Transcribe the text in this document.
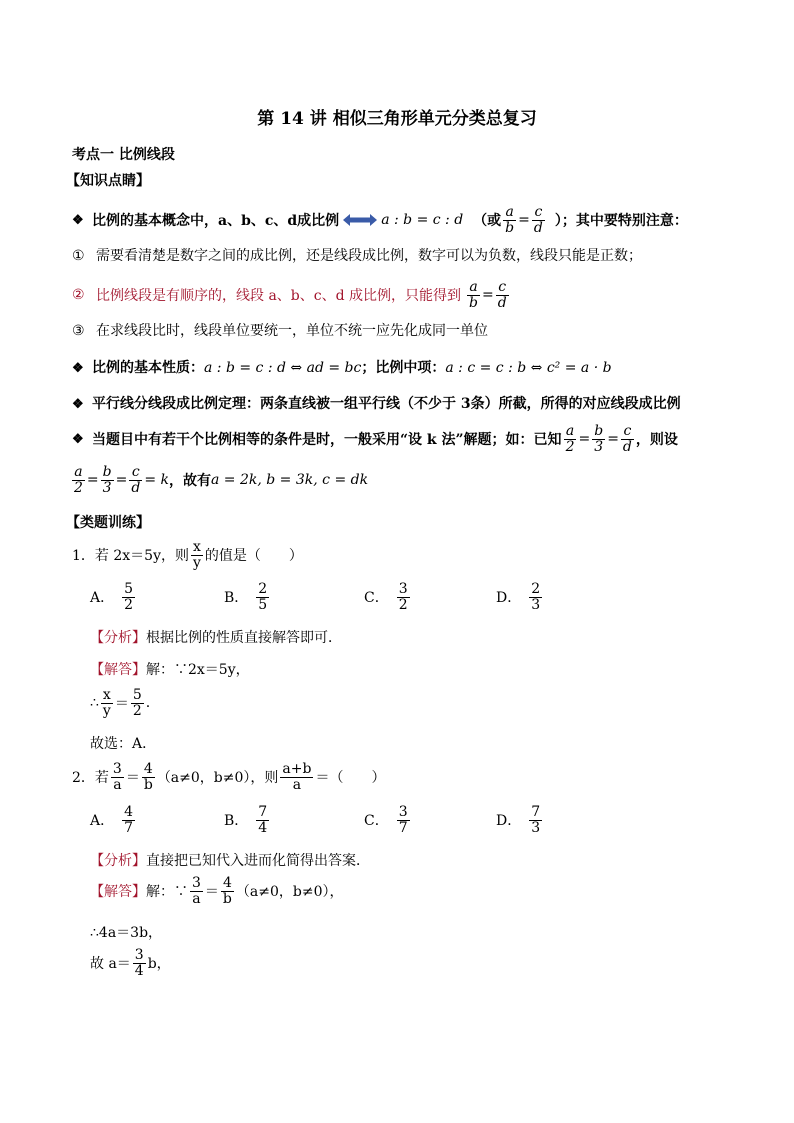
第 14 讲 相似三角形单元分类总复习
考点一 比例线段
【知识点睛】
❖ 比例的基本概念中，a、b、c、d成比例	a : b = c : d （或 $\frac{a}{b} = \frac{c}{d}$ ）；其中要特别注意：
① 需要看清楚是数字之间的成比例，还是线段成比例，数字可以为负数，线段只能是正数；
② 比例线段是有顺序的，线段 a、b、c、d 成比例，只能得到 $\frac{a}{b} = \frac{c}{d}$
③ 在求线段比时，线段单位要统一，单位不统一应先化成同一单位
❖ 比例的基本性质：a : b = c : d ⇔ ad = bc；比例中项：a : c = c : b ⇔ c² = a · b
❖ 平行线分线段成比例定理：两条直线被一组平行线（不少于 3条）所截，所得的对应线段成比例
❖ 当题目中有若干个比例相等的条件是时，一般采用“设 k 法”解题；如：已知 $\frac{a}{2} = \frac{b}{3} = \frac{c}{d}$ ，则设
$\frac{a}{2} = \frac{b}{3} = \frac{c}{d} = k$ ，故有 a = 2k, b = 3k, c = dk
【类题训练】
1． 若 2x＝5y，则 $\frac{x}{y}$ 的值是（　　）
A． $\frac{5}{2}$	B． $\frac{2}{5}$	C． $\frac{3}{2}$	D． $\frac{2}{3}$
【分析】根据比例的性质直接解答即可．
【解答】解：∵2x＝5y，
∴ $\frac{x}{y} = \frac{5}{2}$ .
故选：A．
2． 若 $\frac{3}{a} = \frac{4}{b} (a\ne 0$，b≠0），则 $\frac{a+b}{a}$ ＝（　　）
A． $\frac{4}{7}$	B． $\frac{7}{4}$	C． $\frac{3}{7}$	D． $\frac{7}{3}$
【分析】直接把已知代入进而化简得出答案．
【解答】 解：∵ $\frac{3}{a} = \frac{4}{b} (a\ne 0$，b≠0），
∴4a＝3b，
故 $a= \frac{3}{4}$ b，
